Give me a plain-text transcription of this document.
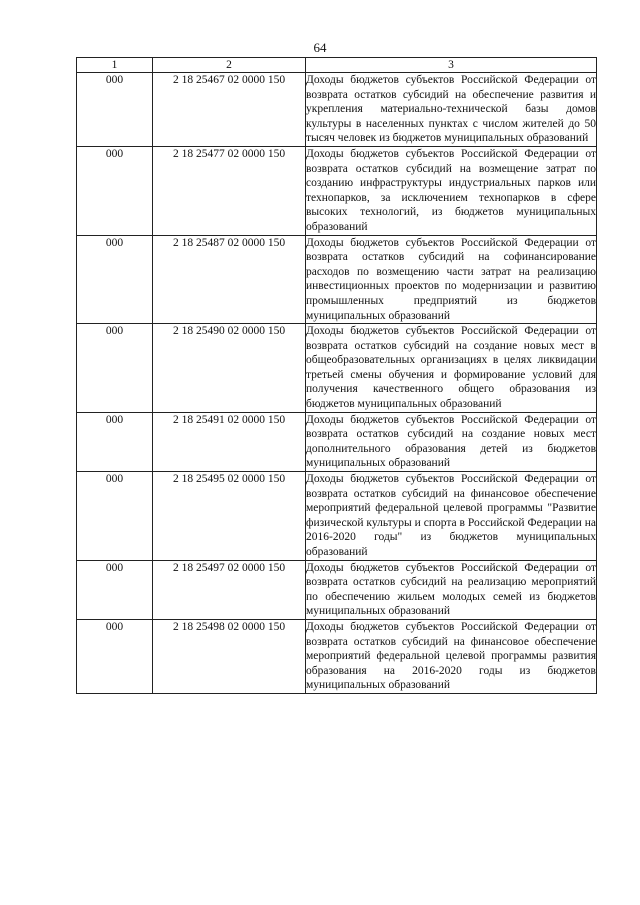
64
1	2	3
000	2 18 25467 02 0000 150	Доходы бюджетов субъектов Российской Федерации от возврата остатков субсидий на обеспечение развития и укрепления материально-технической базы домов культуры в населенных пунктах с числом жителей до 50 тысяч человек из бюджетов муниципальных образований
000	2 18 25477 02 0000 150	Доходы бюджетов субъектов Российской Федерации от возврата остатков субсидий на возмещение затрат по созданию инфраструктуры индустриальных парков или технопарков, за исключением технопарков в сфере высоких технологий, из бюджетов муниципальных образований
000	2 18 25487 02 0000 150	Доходы бюджетов субъектов Российской Федерации от возврата остатков субсидий на софинансирование расходов по возмещению части затрат на реализацию инвестиционных проектов по модернизации и развитию промышленных предприятий из бюджетов муниципальных образований
000	2 18 25490 02 0000 150	Доходы бюджетов субъектов Российской Федерации от возврата остатков субсидий на создание новых мест в общеобразовательных организациях в целях ликвидации третьей смены обучения и формирование условий для получения качественного общего образования из бюджетов муниципальных образований
000	2 18 25491 02 0000 150	Доходы бюджетов субъектов Российской Федерации от возврата остатков субсидий на создание новых мест дополнительного образования детей из бюджетов муниципальных образований
000	2 18 25495 02 0000 150	Доходы бюджетов субъектов Российской Федерации от возврата остатков субсидий на финансовое обеспечение мероприятий федеральной целевой программы "Развитие физической культуры и спорта в Российской Федерации на 2016-2020 годы" из бюджетов муниципальных образований
000	2 18 25497 02 0000 150	Доходы бюджетов субъектов Российской Федерации от возврата остатков субсидий на реализацию мероприятий по обеспечению жильем молодых семей из бюджетов муниципальных образований
000	2 18 25498 02 0000 150	Доходы бюджетов субъектов Российской Федерации от возврата остатков субсидий на финансовое обеспечение мероприятий федеральной целевой программы развития образования на 2016-2020 годы из бюджетов муниципальных образований
